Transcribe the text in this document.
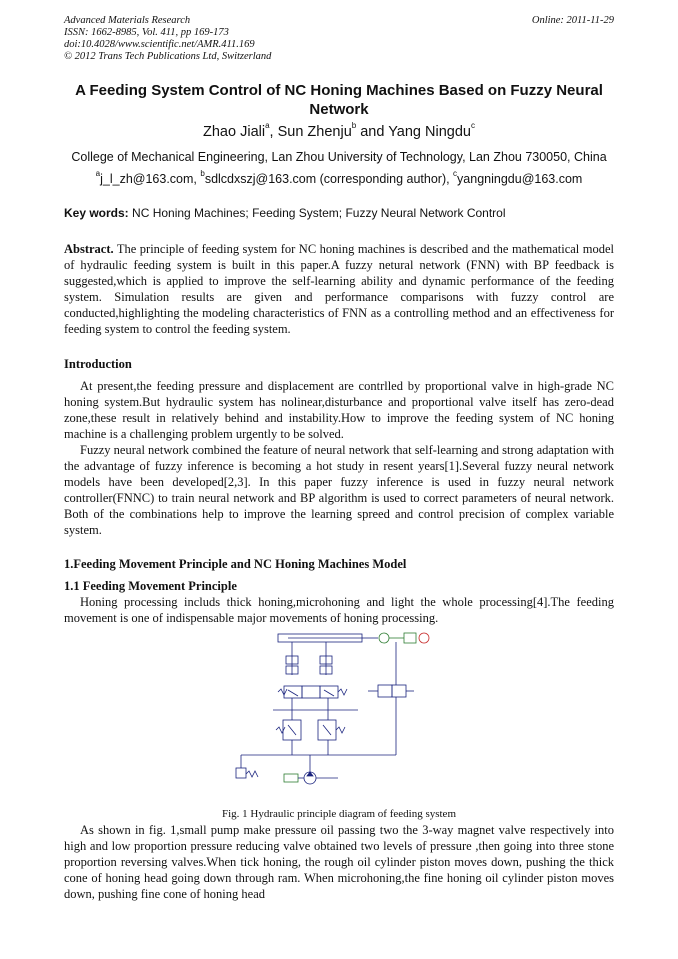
Advanced Materials Research
ISSN: 1662-8985, Vol. 411, pp 169-173
doi:10.4028/www.scientific.net/AMR.411.169
© 2012 Trans Tech Publications Ltd, Switzerland
Online: 2011-11-29
A Feeding System Control of NC Honing Machines Based on Fuzzy Neural Network
Zhao Jiali$^a$, Sun Zhenju$^b$ and Yang Ningdu$^c$
College of Mechanical Engineering, Lan Zhou University of Technology, Lan Zhou 730050, China
$^a$j_l_zh@163.com, $^b$sdlcdxszj@163.com (corresponding author), $^c$yangningdu@163.com
Key words: NC Honing Machines; Feeding System; Fuzzy Neural Network Control
Abstract. The principle of feeding system for NC honing machines is described and the mathematical model of hydraulic feeding system is built in this paper.A fuzzy netural network (FNN) with BP feedback is suggested,which is applied to improve the self-learning ability and dynamic performance of the feeding system. Simulation results are given and performance comparisons with fuzzy control are conducted,highlighting the modeling characteristics of FNN as a controlling method and an effectiveness for feeding system to control the feeding system.
Introduction
At present,the feeding pressure and displacement are contrlled by proportional valve in high-grade NC honing system.But hydraulic system has nolinear,disturbance and proportional valve itself has zero-dead zone,these result in relatively behind and instability.How to improve the feeding system of NC honing machine is a challenging problem urgently to be solved.
Fuzzy neural network combined the feature of neural network that self-learning and strong adaptation with the advantage of fuzzy inference is becoming a hot study in resent years[1].Several fuzzy neural network models have been developed[2,3]. In this paper fuzzy inference is used in fuzzy neural network controller(FNNC) to train neural network and BP algorithm is used to correct parameters of neural network. Both of the combinations help to improve the learning spreed and control precision of complex variable system.
1.Feeding Movement Principle and NC Honing Machines Model
1.1 Feeding Movement Principle
Honing processing includs thick honing,microhoning and light the whole processing[4].The feeding movement is one of indispensable major movements of honing processing.
Fig. 1 Hydraulic principle diagram of feeding system
As shown in fig. 1,small pump make pressure oil passing two the 3-way magnet valve respectively into high and low proportion pressure reducing valve obtained two levels of pressure ,then going into three stone proportion reversing valves.When tick honing, the rough oil cylinder piston moves down, pushing the thick cone of honing head going down through ram. When microhoning,the fine honing oil cylinder piston moves down, pushing fine cone of honing head
